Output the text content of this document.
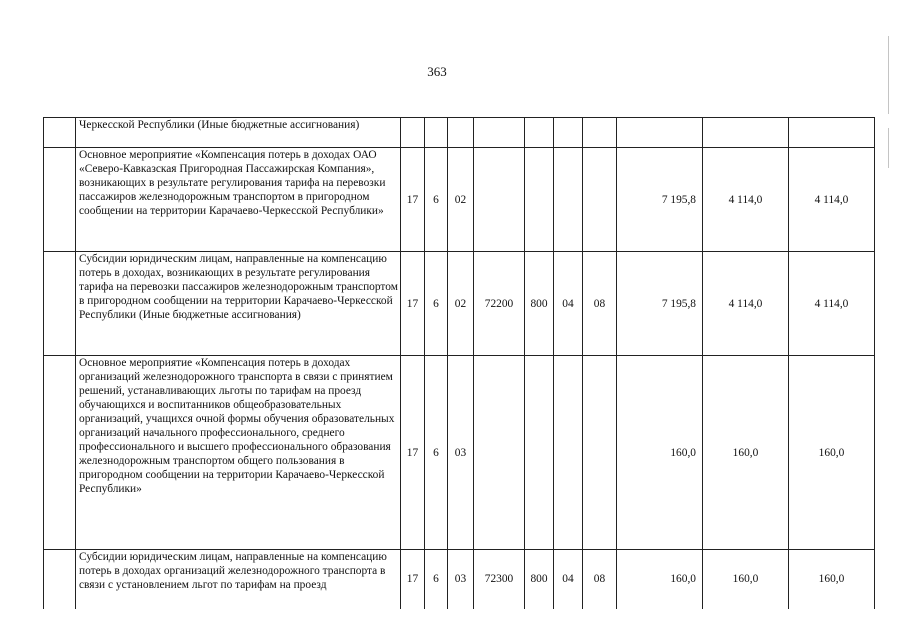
363
	Черкесской Республики (Иные бюджетные ассигнования)										
	Основное мероприятие «Компенсация потерь в доходах ОАО «Северо-Кавказская Пригородная Пассажирская Компания», возникающих в результате регулирования тарифа на перевозки пассажиров железнодорожным транспортом в пригородном сообщении на территории Карачаево-Черкесской Республики»	17	6	02					7 195,8	4 114,0	4 114,0
	Субсидии юридическим лицам, направленные на компенсацию потерь в доходах, возникающих в результате регулирования тарифа на перевозки пассажиров железнодорожным транспортом в пригородном сообщении на территории Карачаево-Черкесской Республики (Иные бюджетные ассигнования)	17	6	02	72200	800	04	08	7 195,8	4 114,0	4 114,0
	Основное мероприятие «Компенсация потерь в доходах организаций железнодорожного транспорта в связи с принятием решений, устанавливающих льготы по тарифам на проезд обучающихся и воспитанников общеобразовательных организаций, учащихся очной формы обучения образовательных организаций начального профессионального, среднего профессионального и высшего профессионального образования железнодорожным транспортом общего пользования в пригородном сообщении на территории Карачаево-Черкесской Республики»	17	6	03					160,0	160,0	160,0
	Субсидии юридическим лицам, направленные на компенсацию потерь в доходах организаций железнодорожного транспорта в связи с установлением льгот по тарифам на проезд	17	6	03	72300	800	04	08	160,0	160,0	160,0
